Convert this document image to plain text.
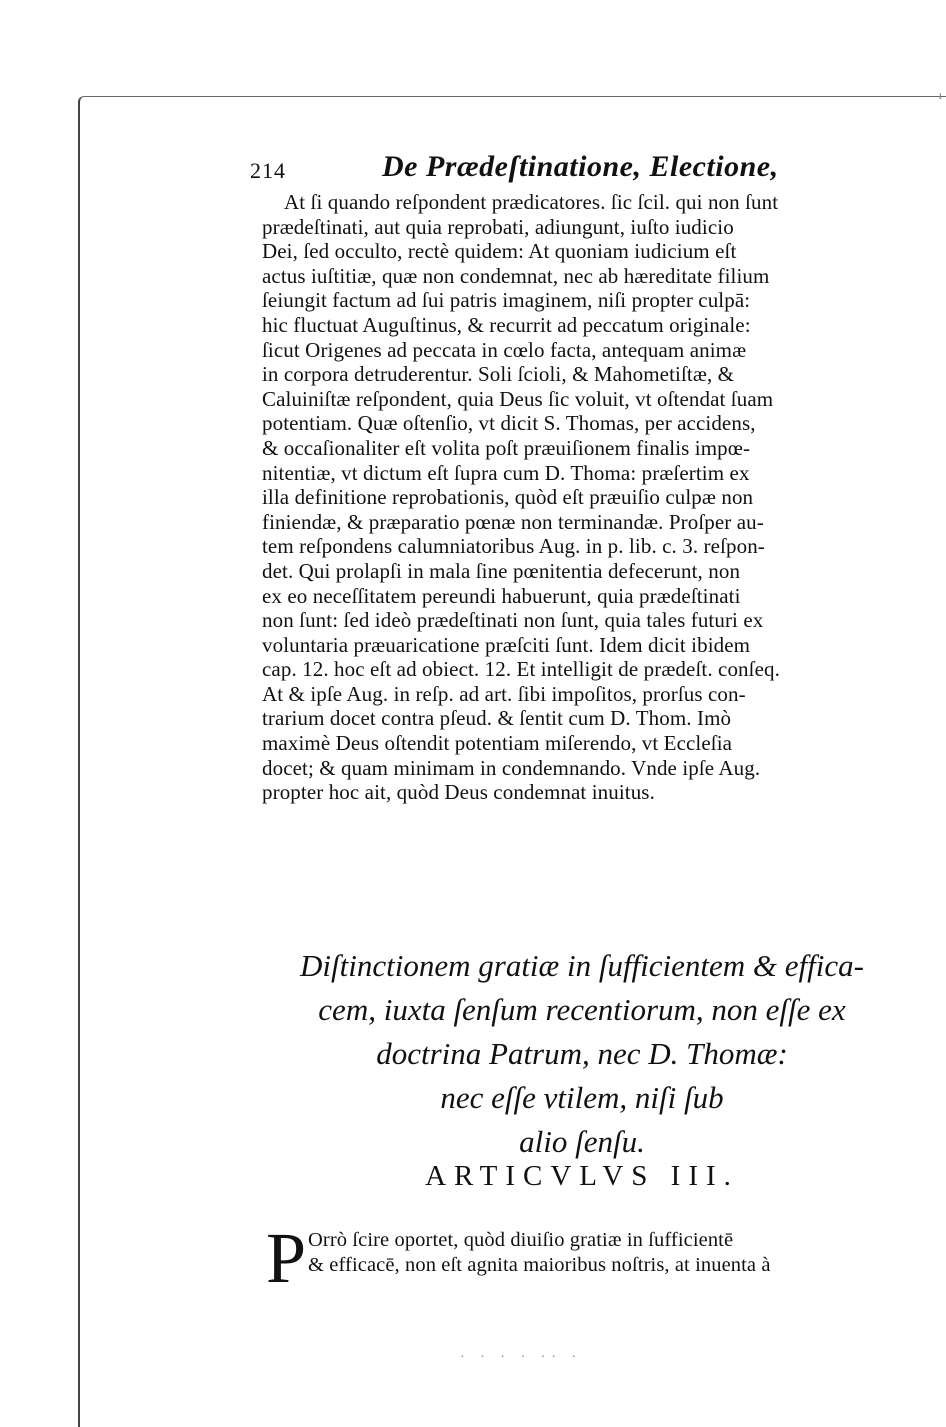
ı
214	De Prædeſtinatione, Electione,
At ſi quando reſpondent prædicatores. ſic ſcil. qui non ſunt
prædeſtinati, aut quia reprobati, adiungunt, iuſto iudicio
Dei, ſed occulto, rectè quidem: At quoniam iudicium eſt
actus iuſtitiæ, quæ non condemnat, nec ab hæreditate filium
ſeiungit factum ad ſui patris imaginem, niſi propter culpā:
hic fluctuat Auguſtinus, & recurrit ad peccatum originale:
ſicut Origenes ad peccata in cœlo facta, antequam animæ
in corpora detruderentur. Soli ſcioli, & Mahometiſtæ, &
Caluiniſtæ reſpondent, quia Deus ſic voluit, vt oſtendat ſuam
potentiam. Quæ oſtenſio, vt dicit S. Thomas, per accidens,
& occaſionaliter eſt volita poſt præuiſionem finalis impœ-
nitentiæ, vt dictum eſt ſupra cum D. Thoma: præſertim ex
illa definitione reprobationis, quòd eſt præuiſio culpæ non
finiendæ, & præparatio pœnæ non terminandæ. Proſper au-
tem reſpondens calumniatoribus Aug. in p. lib. c. 3. reſpon-
det. Qui prolapſi in mala ſine pœnitentia defecerunt, non
ex eo neceſſitatem pereundi habuerunt, quia prædeſtinati
non ſunt: ſed ideò prædeſtinati non ſunt, quia tales futuri ex
voluntaria præuaricatione præſciti ſunt. Idem dicit ibidem
cap. 12. hoc eſt ad obiect. 12. Et intelligit de prædeſt. conſeq.
At & ipſe Aug. in reſp. ad art. ſibi impoſitos, prorſus con-
trarium docet contra pſeud. & ſentit cum D. Thom. Imò
maximè Deus oſtendit potentiam miſerendo, vt Eccleſia
docet; & quam minimam in condemnando. Vnde ipſe Aug.
propter hoc ait, quòd Deus condemnat inuitus.
Diſtinctionem gratiæ in ſufficientem & effica-
cem, iuxta ſenſum recentiorum, non eſſe ex
doctrina Patrum, nec D. Thomæ:
nec eſſe vtilem, niſi ſub
alio ſenſu.
ARTICVLVS III.
P Orrò ſcire oportet, quòd diuiſio gratiæ in ſufficientē
& efficacē, non eſt agnita maioribus noſtris, at inuenta à
· · · · ·· ·
